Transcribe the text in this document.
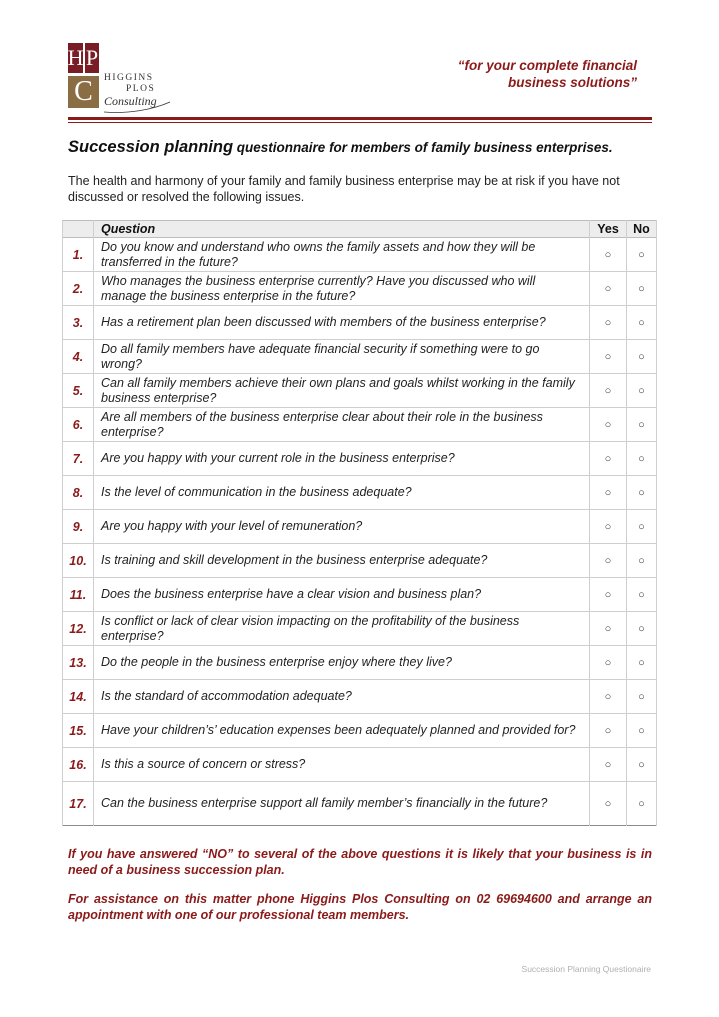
H P
C	HIGGINS
PLOS
Consulting
“for your complete financial
business solutions”
Succession planning questionnaire for members of family business enterprises.
The health and harmony of your family and family business enterprise may be at risk if you have not discussed or resolved the following issues.
	Question	Yes	No
1.	Do you know and understand who owns the family assets and how they will be transferred in the future?	○	○
2.	Who manages the business enterprise currently? Have you discussed who will manage the business enterprise in the future?	○	○
3.	Has a retirement plan been discussed with members of the business enterprise?	○	○
4.	Do all family members have adequate financial security if something were to go wrong?	○	○
5.	Can all family members achieve their own plans and goals whilst working in the family business enterprise?	○	○
6.	Are all members of the business enterprise clear about their role in the business enterprise?	○	○
7.	Are you happy with your current role in the business enterprise?	○	○
8.	Is the level of communication in the business adequate?	○	○
9.	Are you happy with your level of remuneration?	○	○
10.	Is training and skill development in the business enterprise adequate?	○	○
11.	Does the business enterprise have a clear vision and business plan?	○	○
12.	Is conflict or lack of clear vision impacting on the profitability of the business enterprise?	○	○
13.	Do the people in the business enterprise enjoy where they live?	○	○
14.	Is the standard of accommodation adequate?	○	○
15.	Have your children’s’ education expenses been adequately planned and provided for?	○	○
16.	Is this a source of concern or stress?	○	○
17.	Can the business enterprise support all family member’s financially in the future?	○	○
If you have answered “NO” to several of the above questions it is likely that your business is in need of a business succession plan.
For assistance on this matter phone Higgins Plos Consulting on 02 69694600 and arrange an appointment with one of our professional team members.
Succession Planning Questionaire
